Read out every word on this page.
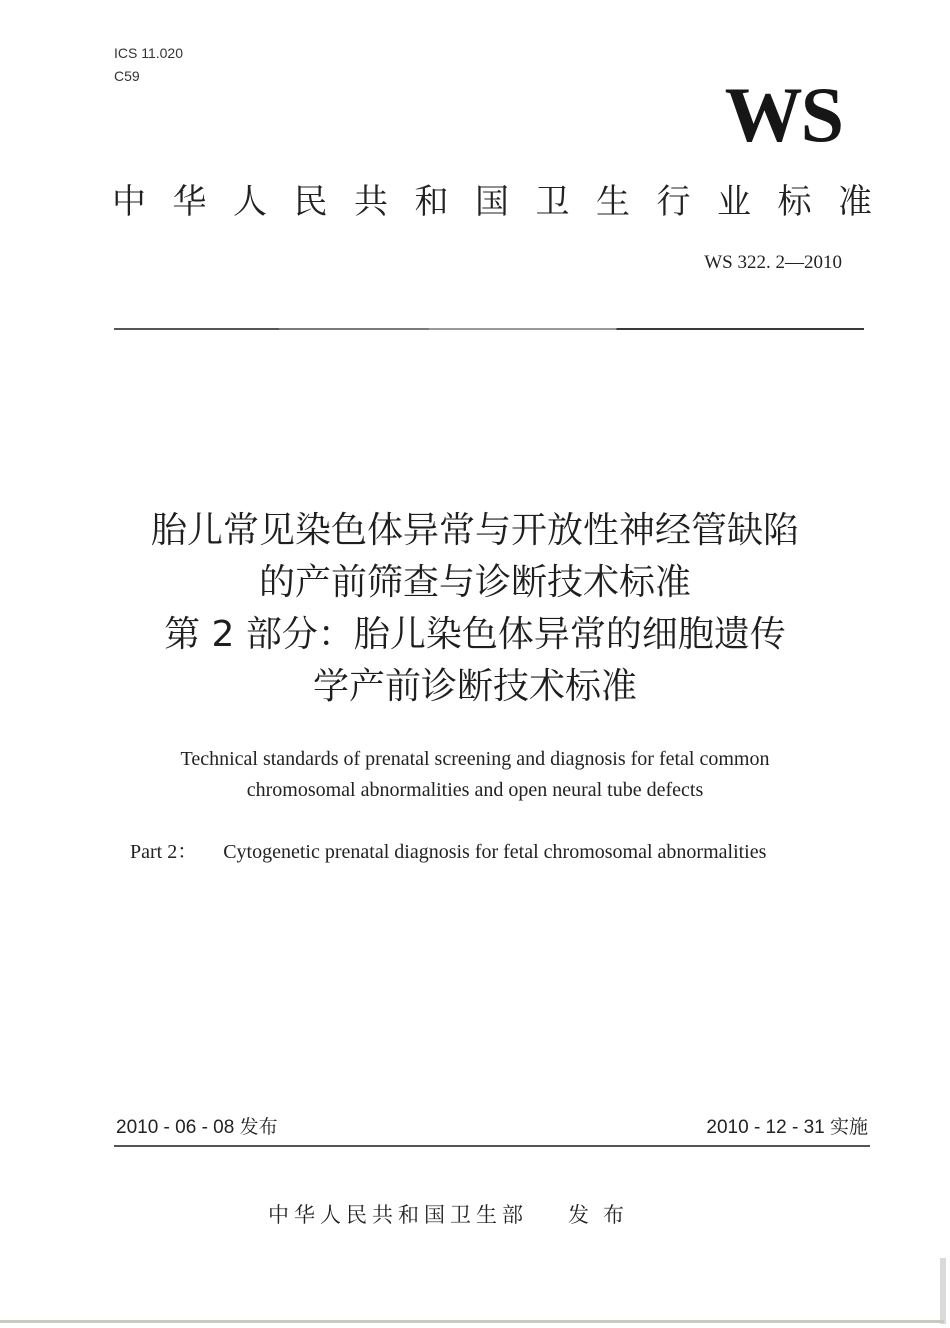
ICS 11.020
C59	WS
中 华 人 民 共 和 国 卫 生 行 业 标 准
WS 322. 2—2010
胎儿常见染色体异常与开放性神经管缺陷
的产前筛查与诊断技术标准
第 2 部分：胎儿染色体异常的细胞遗传
学产前诊断技术标准
Technical standards of prenatal screening and diagnosis for fetal common
chromosomal abnormalities and open neural tube defects
Part 2： Cytogenetic prenatal diagnosis for fetal chromosomal abnormalities
2010 - 06 - 08 发布	2010 - 12 - 31 实施
中华人民共和国卫生部 发布
